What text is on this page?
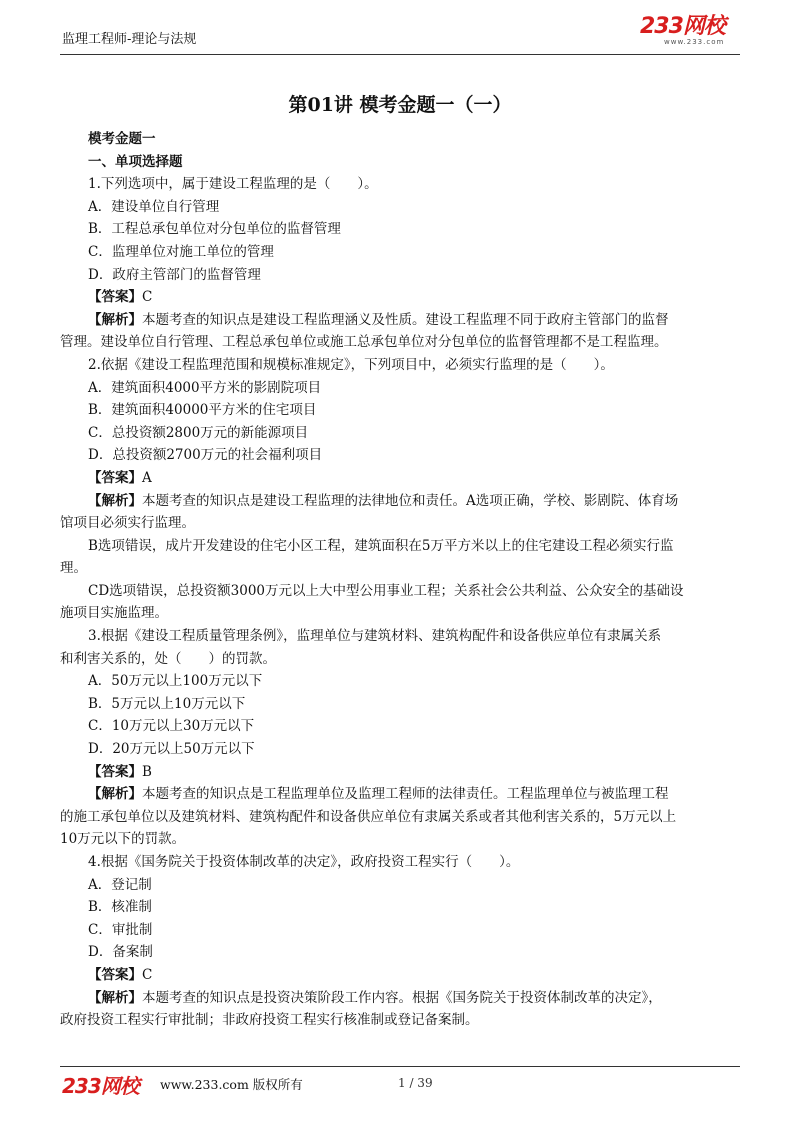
监理工程师-理论与法规
233网校
www.233.com
第01讲 模考金题一（一）

模考金题一

一、单项选择题

1.下列选项中，属于建设工程监理的是（　　）。

A．建设单位自行管理

B．工程总承包单位对分包单位的监督管理

C．监理单位对施工单位的管理

D．政府主管部门的监督管理

【答案】C

【解析】本题考查的知识点是建设工程监理涵义及性质。建设工程监理不同于政府主管部门的监督

管理。建设单位自行管理、工程总承包单位或施工总承包单位对分包单位的监督管理都不是工程监理。

2.依据《建设工程监理范围和规模标准规定》，下列项目中，必须实行监理的是（　　）。

A．建筑面积4000平方米的影剧院项目

B．建筑面积40000平方米的住宅项目

C．总投资额2800万元的新能源项目

D．总投资额2700万元的社会福利项目

【答案】A

【解析】本题考查的知识点是建设工程监理的法律地位和责任。A选项正确，学校、影剧院、体育场

馆项目必须实行监理。

B选项错误，成片开发建设的住宅小区工程，建筑面积在5万平方米以上的住宅建设工程必须实行监

理。

CD选项错误，总投资额3000万元以上大中型公用事业工程；关系社会公共利益、公众安全的基础设

施项目实施监理。

3.根据《建设工程质量管理条例》，监理单位与建筑材料、建筑构配件和设备供应单位有隶属关系

和利害关系的，处（　　）的罚款。

A．50万元以上100万元以下

B．5万元以上10万元以下

C．10万元以上30万元以下

D．20万元以上50万元以下

【答案】B

【解析】本题考查的知识点是工程监理单位及监理工程师的法律责任。工程监理单位与被监理工程

的施工承包单位以及建筑材料、建筑构配件和设备供应单位有隶属关系或者其他利害关系的，5万元以上

10万元以下的罚款。

4.根据《国务院关于投资体制改革的决定》，政府投资工程实行（　　）。

A．登记制

B．核准制

C．审批制

D．备案制

【答案】C

【解析】本题考查的知识点是投资决策阶段工作内容。根据《国务院关于投资体制改革的决定》，

政府投资工程实行审批制；非政府投资工程实行核准制或登记备案制。

233网校 www.233.com 版权所有	1 / 39
